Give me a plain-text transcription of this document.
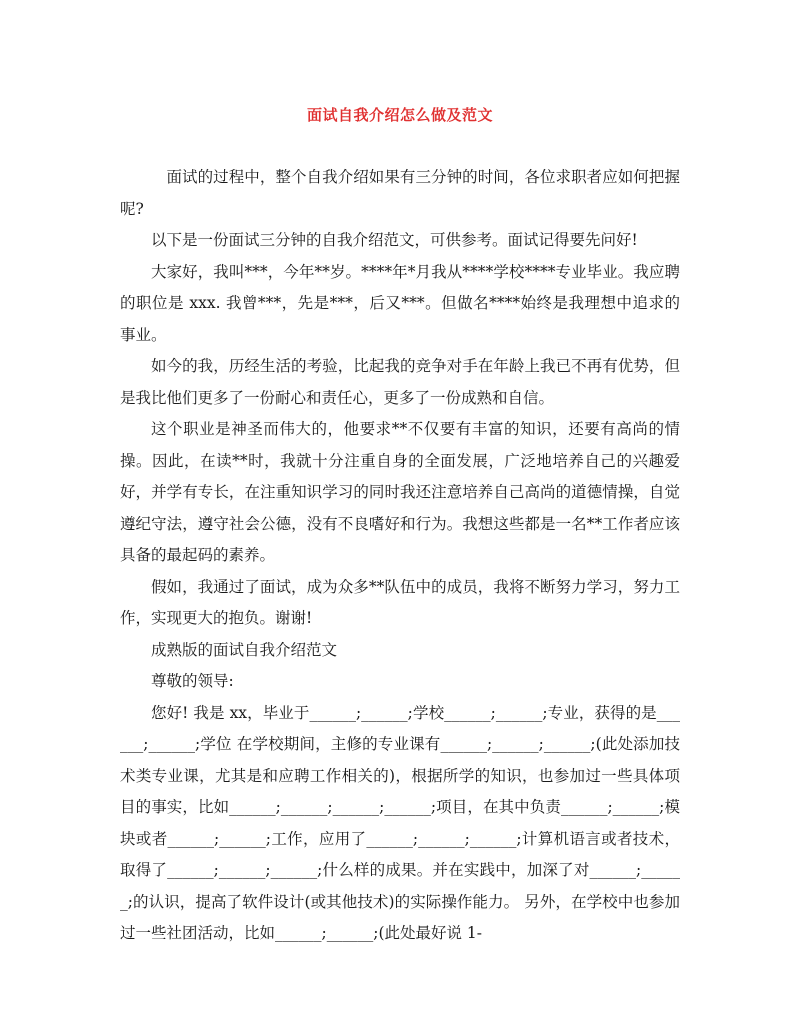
面试自我介绍怎么做及范文

面试的过程中，整个自我介绍如果有三分钟的时间，各位求职者应如何把握呢?

以下是一份面试三分钟的自我介绍范文，可供参考。面试记得要先问好!

大家好，我叫***，今年**岁。****年*月我从****学校****专业毕业。我应聘的职位是 xxx. 我曾***，先是***，后又***。但做名****始终是我理想中追求的事业。

如今的我，历经生活的考验，比起我的竞争对手在年龄上我已不再有优势，但是我比他们更多了一份耐心和责任心，更多了一份成熟和自信。

这个职业是神圣而伟大的，他要求**不仅要有丰富的知识，还要有高尚的情操。因此，在读**时，我就十分注重自身的全面发展，广泛地培养自己的兴趣爱好，并学有专长，在注重知识学习的同时我还注意培养自己高尚的道德情操，自觉遵纪守法，遵守社会公德，没有不良嗜好和行为。我想这些都是一名**工作者应该具备的最起码的素养。

假如，我通过了面试，成为众多**队伍中的成员，我将不断努力学习，努力工作，实现更大的抱负。谢谢!

成熟版的面试自我介绍范文

尊敬的领导:

您好! 我是 xx，毕业于______;______;学校______;______;专业，获得的是______;______;学位 在学校期间，主修的专业课有______;______;______;(此处添加技术类专业课，尤其是和应聘工作相关的)，根据所学的知识，也参加过一些具体项目的事实，比如______;______;______;______;项目，在其中负责______;______;模块或者______;______;工作，应用了______;______;______;计算机语言或者技术，取得了______;______;______;什么样的成果。并在实践中，加深了对______;______;的认识，提高了软件设计(或其他技术)的实际操作能力。 另外，在学校中也参加过一些社团活动，比如______;______;(此处最好说 1-
